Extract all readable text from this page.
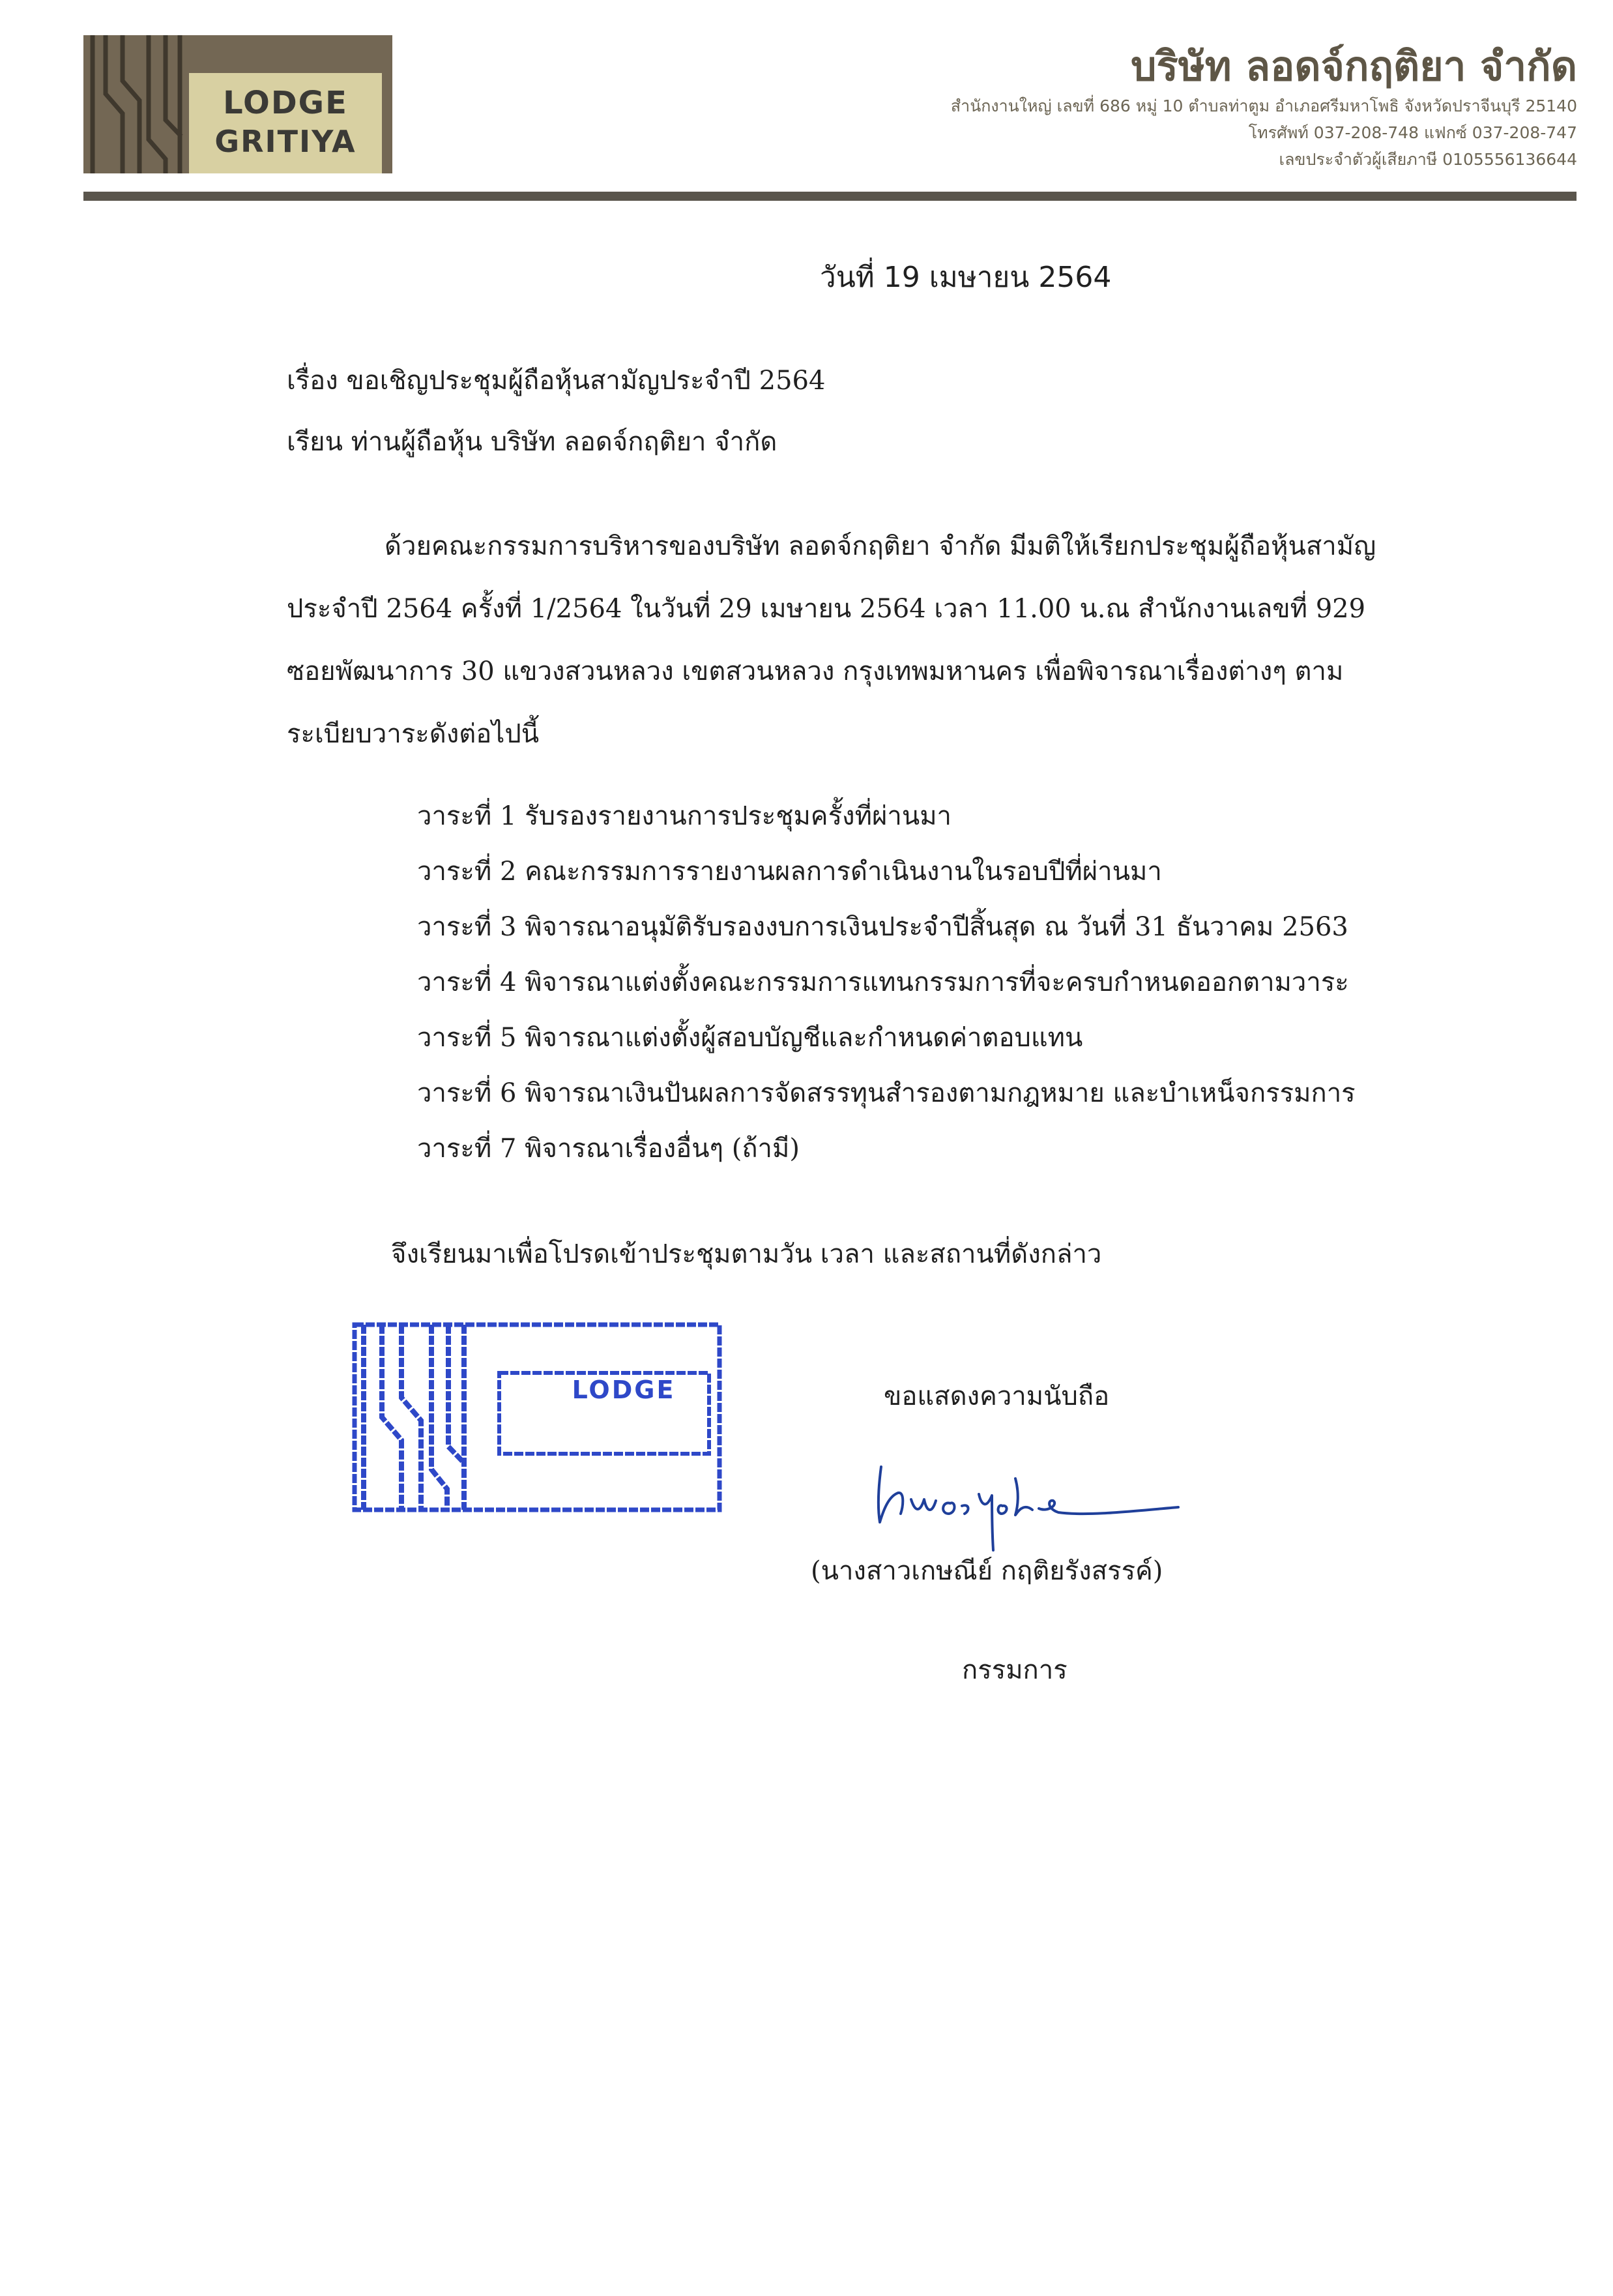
LODGE
GRITIYA
บริษัท ลอดจ์กฤติยา จำกัด
สำนักงานใหญ่ เลขที่ 686 หมู่ 10 ตำบลท่าตูม อำเภอศรีมหาโพธิ จังหวัดปราจีนบุรี 25140
โทรศัพท์ 037-208-748 แฟกซ์ 037-208-747
เลขประจำตัวผู้เสียภาษี 0105556136644
วันที่ 19 เมษายน 2564
เรื่อง ขอเชิญประชุมผู้ถือหุ้นสามัญประจำปี 2564
เรียน ท่านผู้ถือหุ้น บริษัท ลอดจ์กฤติยา จำกัด
ด้วยคณะกรรมการบริหารของบริษัท ลอดจ์กฤติยา จำกัด มีมติให้เรียกประชุมผู้ถือหุ้นสามัญประจำปี 2564 ครั้งที่ 1/2564 ในวันที่ 29 เมษายน 2564 เวลา 11.00 น.ณ สำนักงานเลขที่ 929 ซอยพัฒนาการ 30 แขวงสวนหลวง เขตสวนหลวง กรุงเทพมหานคร เพื่อพิจารณาเรื่องต่างๆ ตามระเบียบวาระดังต่อไปนี้
วาระที่ 1 รับรองรายงานการประชุมครั้งที่ผ่านมา
วาระที่ 2 คณะกรรมการรายงานผลการดำเนินงานในรอบปีที่ผ่านมา
วาระที่ 3 พิจารณาอนุมัติรับรองงบการเงินประจำปีสิ้นสุด ณ วันที่ 31 ธันวาคม 2563
วาระที่ 4 พิจารณาแต่งตั้งคณะกรรมการแทนกรรมการที่จะครบกำหนดออกตามวาระ
วาระที่ 5 พิจารณาแต่งตั้งผู้สอบบัญชีและกำหนดค่าตอบแทน
วาระที่ 6 พิจารณาเงินปันผลการจัดสรรทุนสำรองตามกฎหมาย และบำเหน็จกรรมการ
วาระที่ 7 พิจารณาเรื่องอื่นๆ (ถ้ามี)
จึงเรียนมาเพื่อโปรดเข้าประชุมตามวัน เวลา และสถานที่ดังกล่าว
LODGE	ขอแสดงความนับถือ
(นางสาวเกษณีย์ กฤติยรังสรรค์)
กรรมการ
